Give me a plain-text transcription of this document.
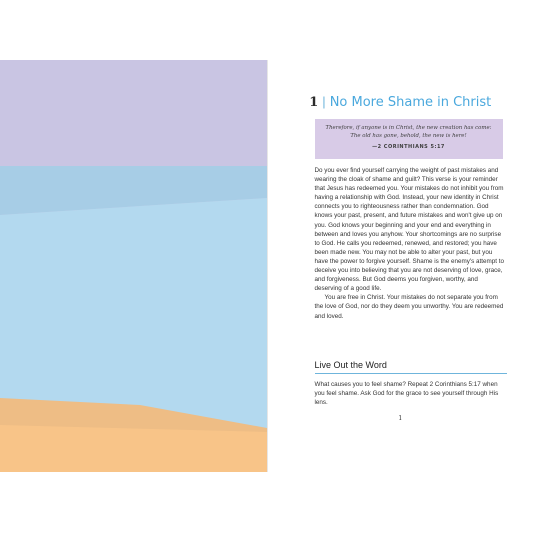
1 | No More Shame in Christ
Therefore, if anyone is in Christ, the new creation has come: The old has gone, behold, the new is here!
—2 CORINTHIANS 5:17

Do you ever find yourself carrying the weight of past mistakes and wearing the cloak of shame and guilt? This verse is your reminder that Jesus has redeemed you. Your mistakes do not inhibit you from having a relationship with God. Instead, your new identity in Christ connects you to righteousness rather than condemnation. God knows your past, present, and future mistakes and won't give up on you. God knows your beginning and your end and everything in between and loves you anyhow. Your shortcomings are no surprise to God. He calls you redeemed, renewed, and restored; you have been made new. You may not be able to alter your past, but you have the power to forgive yourself. Shame is the enemy's attempt to deceive you into believing that you are not deserving of love, grace, and forgiveness. But God deems you forgiven, worthy, and deserving of a good life.

You are free in Christ. Your mistakes do not separate you from the love of God, nor do they deem you unworthy. You are redeemed and loved.

Live Out the Word
What causes you to feel shame? Repeat 2 Corinthians 5:17 when you feel shame. Ask God for the grace to see yourself through His lens.
1
